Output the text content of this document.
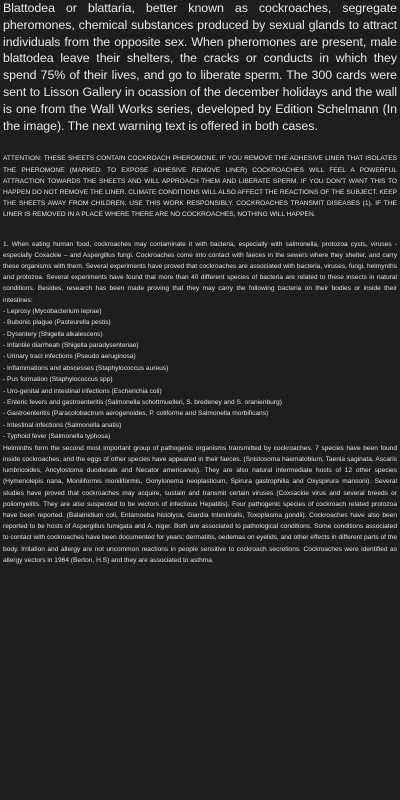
Blattodea or blattaria, better known as cockroaches, segregate pheromones, chemical substances produced by sexual glands to attract individuals from the opposite sex. When pheromones are present, male blattodea leave their shelters, the cracks or conducts in which they spend 75% of their lives, and go to liberate sperm. The 300 cards were sent to Lisson Gallery in ocassion of the december holidays and the wall is one from the Wall Works series, developed by Edition Schelmann (In the image). The next warning text is offered in both cases.

ATTENTION: THESE SHEETS CONTAIN COCKROACH PHEROMONE. IF YOU REMOVE THE ADHESIVE LINER THAT ISOLATES THE PHEROMONE (MARKED: TO EXPOSE ADHESIVE REMOVE LINER) COCKROACHES WILL FEEL A POWERFUL ATTRACTION TOWARDS THE SHEETS AND WILL APPROACH THEM AND LIBERATE SPERM. IF YOU DON'T WANT THIS TO HAPPEN DO NOT REMOVE THE LINER. CLIMATE CONDITIONS WILL ALSO AFFECT THE REACTIONS OF THE SUBJECT. KEEP THE SHEETS AWAY FROM CHILDREN. USE THIS WORK RESPONSIBLY. COCKROACHES TRANSMIT DISEASES (1). IF THE LINER IS REMOVED IN A PLACE WHERE THERE ARE NO COCKROACHES, NOTHING WILL HAPPEN.

1. When eating human food, cockroaches may contaminate it with bacteria, especially with salmonella, protozoa cysts, viruses - especially Coxackie – and Aspergillus fungi. Cockroaches come into contact with faeces in the sewers where they shelter, and carry these organisms with them. Several experiments have proved that cockroaches are associated with bacteria, viruses, fungi, helmynths and protozoa. Several experiments have found that more than 40 different species of bacteria are related to these insects in natural conditions. Besides, research has been made proving that they may carry the following bacteria on their bodies or inside their intestines:

- Leprosy (Mycobacterium leprae)
- Bubonic plague (Pasteurella pestis)
- Dysentery (Shigella alkalescens)
- Infantile diarrheah (Shigella paradysenteriae)
- Urinary tract infections (Pseudo aeruginosa)
- Inflammations and abscesses (Staphylococcus aureus)
- Pus formation (Staphylococcus spp)
- Uro-genital and intestinal infections (Escherichia coli)
- Enteric fevers and gastroenteritis (Salmonella schottmuelleri, S. bredeney and S. oranienburg)
- Gastroenteritis (Paracolobactrum aerogenoides, P. coliforme and Salmonella morbificans)
- Intestinal infections (Salmonella anatis)
- Typhoid fever (Salmonella typhosa)

Helminths form the second most important group of pathogenic organisms transmitted by cockroaches. 7 species have been found inside cockroaches, and the eggs of other species have appeared in their faeces. (Snistosoma haematobium, Taenia saginata, Ascaris lumbricoides, Ancylostoma duodenale and Necator americanus). They are also natural intermediate hosts of 12 other species (Hymenolepis nana, Moniliformis moniliformis, Gonylonema neoplasticum, Spirura gastrophilia and Oxyspirura mansoni). Several studies have proved that cockroaches may acquire, sustain and transmit certain viruses (Coxsackie virus and several breeds or poliomyelitis. They are also suspected to be vectors of infectious Hepatitis). Four pathogenic species of cockroach related protozoa have been reported. (Balatnidium coli, Entamoeba histolyca, Giardia Intestinalis, Toxoplasma gondii). Cockroaches have also been reported to be hosts of Aspergillus fumigata and A. niger. Both are associated to pathological conditions. Some conditions associated to contact with cockroaches have been documented for years: dermatitis, oedemas on eyelids, and other effects in different parts of the body. Irritation and allergy are not uncommon reactions in people sensitive to cockroach secretions. Cockroaches were identified as allergy vectors in 1964 (Berton, H.S) and they are associated to asthma.
